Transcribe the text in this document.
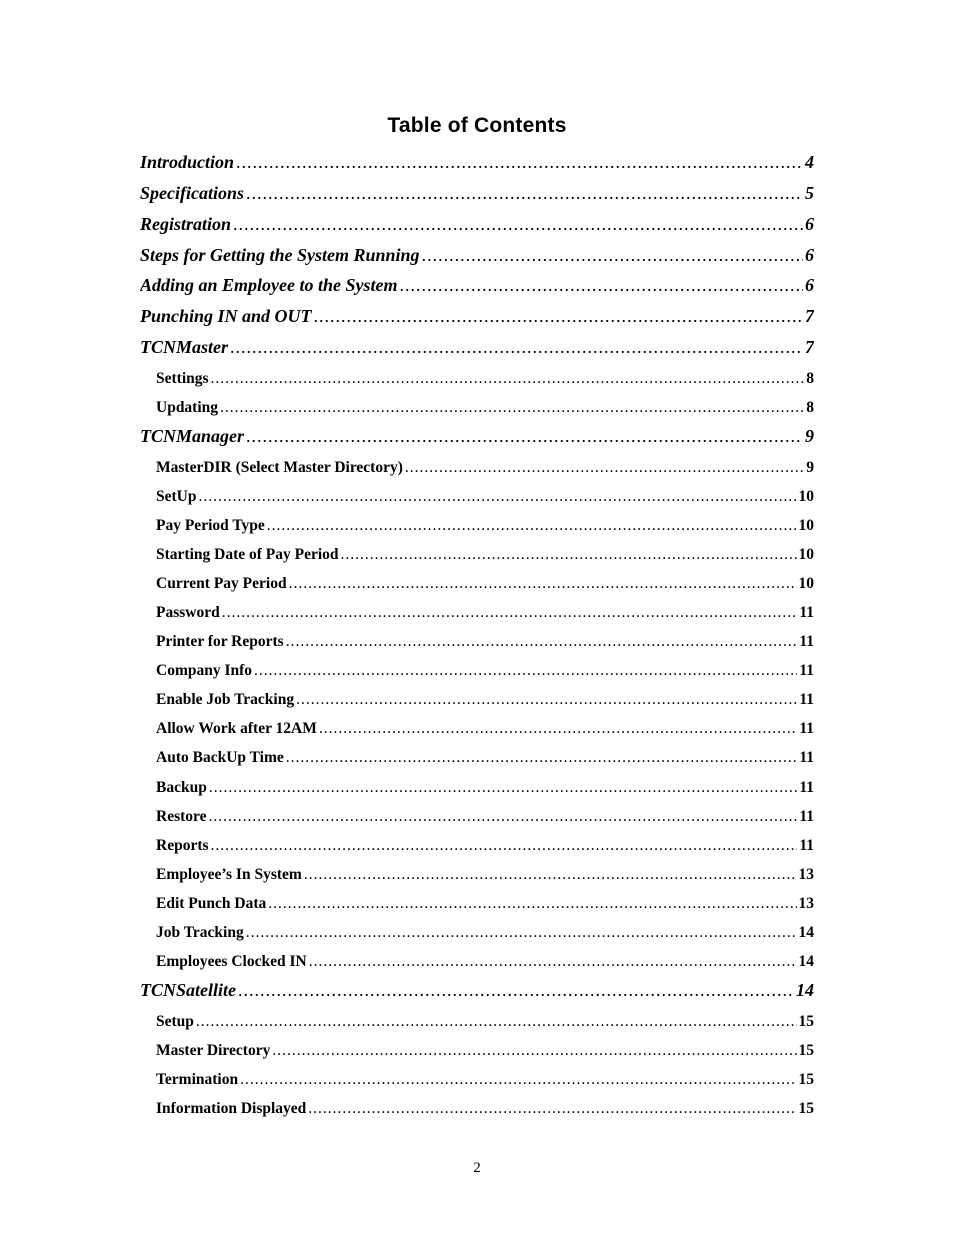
Table of Contents
Introduction .....	4
Specifications .....	5
Registration .....	6
Steps for Getting the System Running .....	6
Adding an Employee to the System .....	6
Punching IN and OUT .....	7
TCNMaster .....	7
Settings .....	8
Updating .....	8
TCNManager .....	9
MasterDIR (Select Master Directory) .....	9
SetUp .....	10
Pay Period Type .....	10
Starting Date of Pay Period .....	10
Current Pay Period .....	10
Password .....	11
Printer for Reports .....	11
Company Info .....	11
Enable Job Tracking .....	11
Allow Work after 12AM .....	11
Auto BackUp Time .....	11
Backup .....	11
Restore .....	11
Reports .....	11
Employee’s In System .....	13
Edit Punch Data .....	13
Job Tracking .....	14
Employees Clocked IN .....	14
TCNSatellite .....	14
Setup .....	15
Master Directory .....	15
Termination .....	15
Information Displayed .....	15
2
